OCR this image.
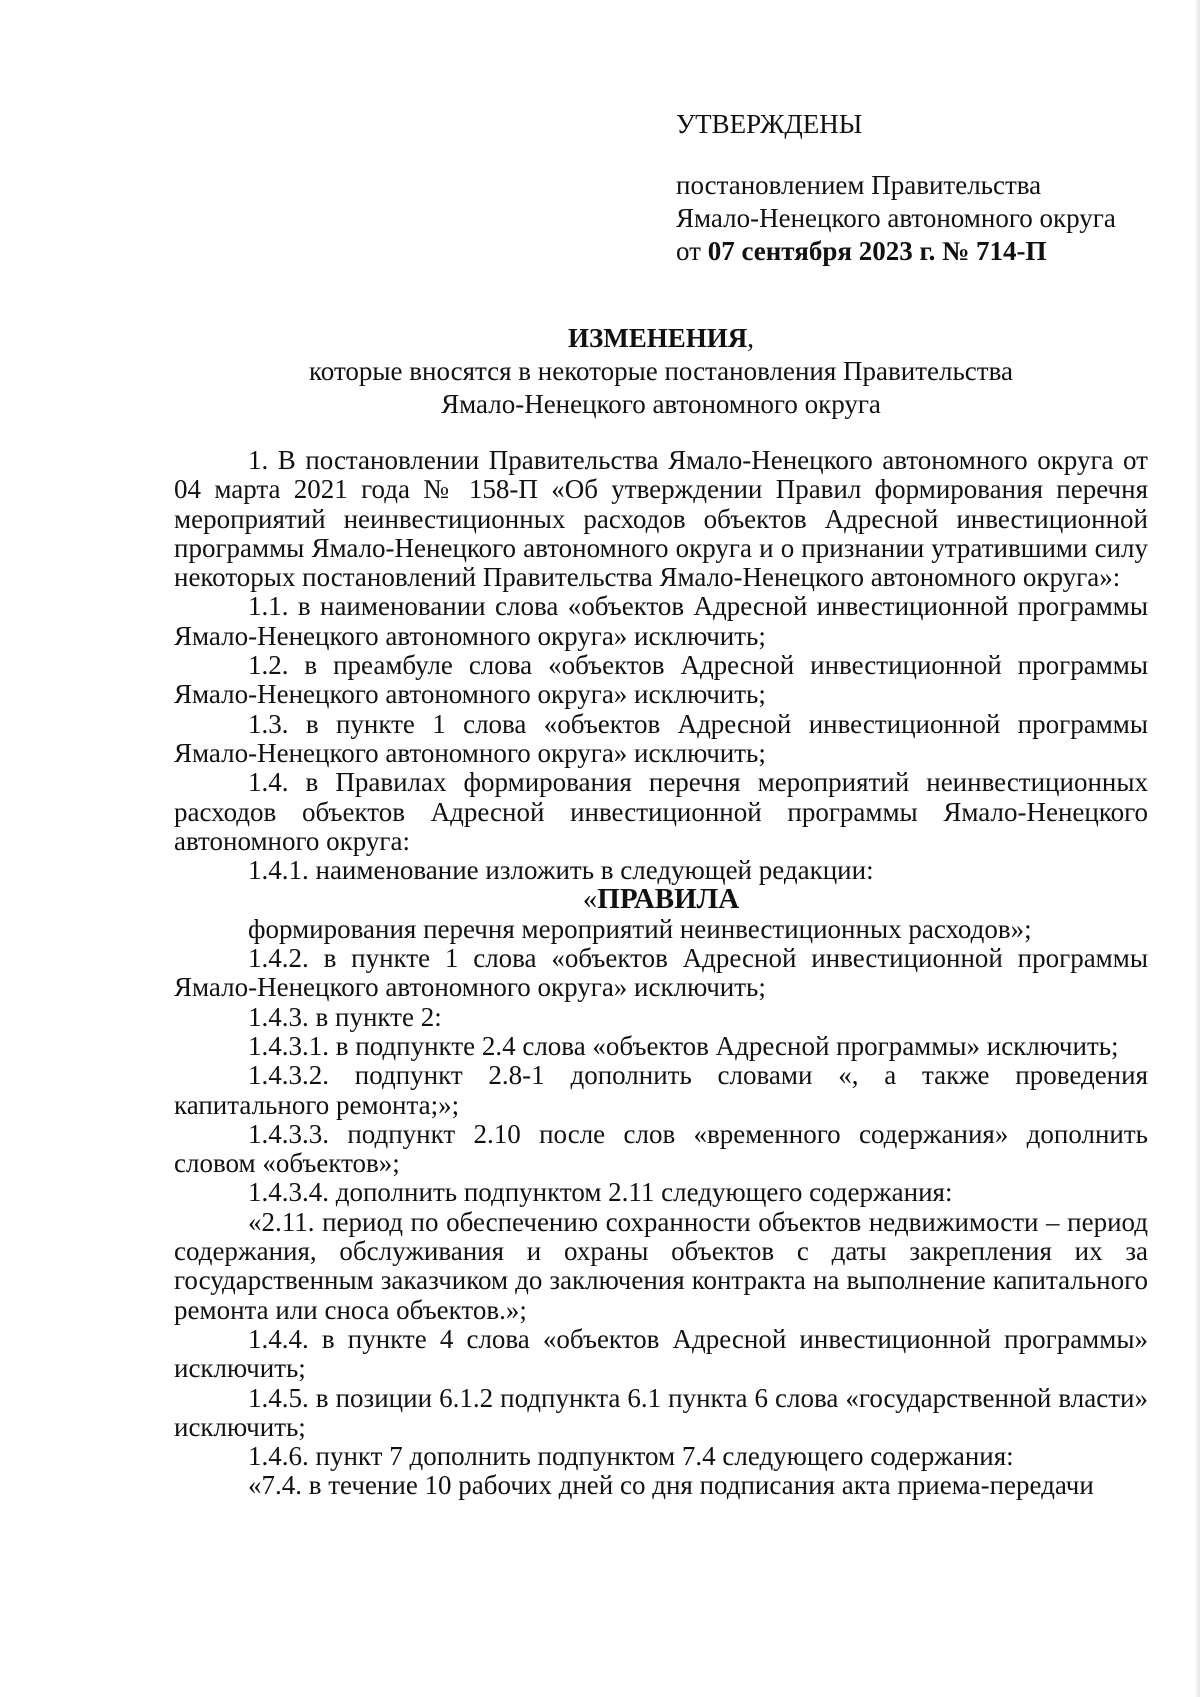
УТВЕРЖДЕНЫ
постановлением Правительства
Ямало-Ненецкого автономного округа
от 07 сентября 2023 г. № 714-П
ИЗМЕНЕНИЯ,
которые вносятся в некоторые постановления Правительства
Ямало-Ненецкого автономного округа

1. В постановлении Правительства Ямало-Ненецкого автономного округа от 04 марта 2021 года № 158-П «Об утверждении Правил формирования перечня мероприятий неинвестиционных расходов объектов Адресной инвестиционной программы Ямало-Ненецкого автономного округа и о признании утратившими силу некоторых постановлений Правительства Ямало-Ненецкого автономного округа»:

1.1. в наименовании слова «объектов Адресной инвестиционной программы Ямало-Ненецкого автономного округа» исключить;

1.2. в преамбуле слова «объектов Адресной инвестиционной программы Ямало-Ненецкого автономного округа» исключить;

1.3. в пункте 1 слова «объектов Адресной инвестиционной программы Ямало-Ненецкого автономного округа» исключить;

1.4. в Правилах формирования перечня мероприятий неинвестиционных расходов объектов Адресной инвестиционной программы Ямало-Ненецкого автономного округа:

1.4.1. наименование изложить в следующей редакции:

«ПРАВИЛА

формирования перечня мероприятий неинвестиционных расходов»;

1.4.2. в пункте 1 слова «объектов Адресной инвестиционной программы Ямало-Ненецкого автономного округа» исключить;

1.4.3. в пункте 2:

1.4.3.1. в подпункте 2.4 слова «объектов Адресной программы» исключить;

1.4.3.2. подпункт 2.8-1 дополнить словами «, а также проведения капитального ремонта;»;

1.4.3.3. подпункт 2.10 после слов «временного содержания» дополнить словом «объектов»;

1.4.3.4. дополнить подпунктом 2.11 следующего содержания:

«2.11. период по обеспечению сохранности объектов недвижимости – период содержания, обслуживания и охраны объектов с даты закрепления их за государственным заказчиком до заключения контракта на выполнение капитального ремонта или сноса объектов.»;

1.4.4. в пункте 4 слова «объектов Адресной инвестиционной программы» исключить;

1.4.5. в позиции 6.1.2 подпункта 6.1 пункта 6 слова «государственной власти» исключить;

1.4.6. пункт 7 дополнить подпунктом 7.4 следующего содержания:

«7.4. в течение 10 рабочих дней со дня подписания акта приема-передачи
